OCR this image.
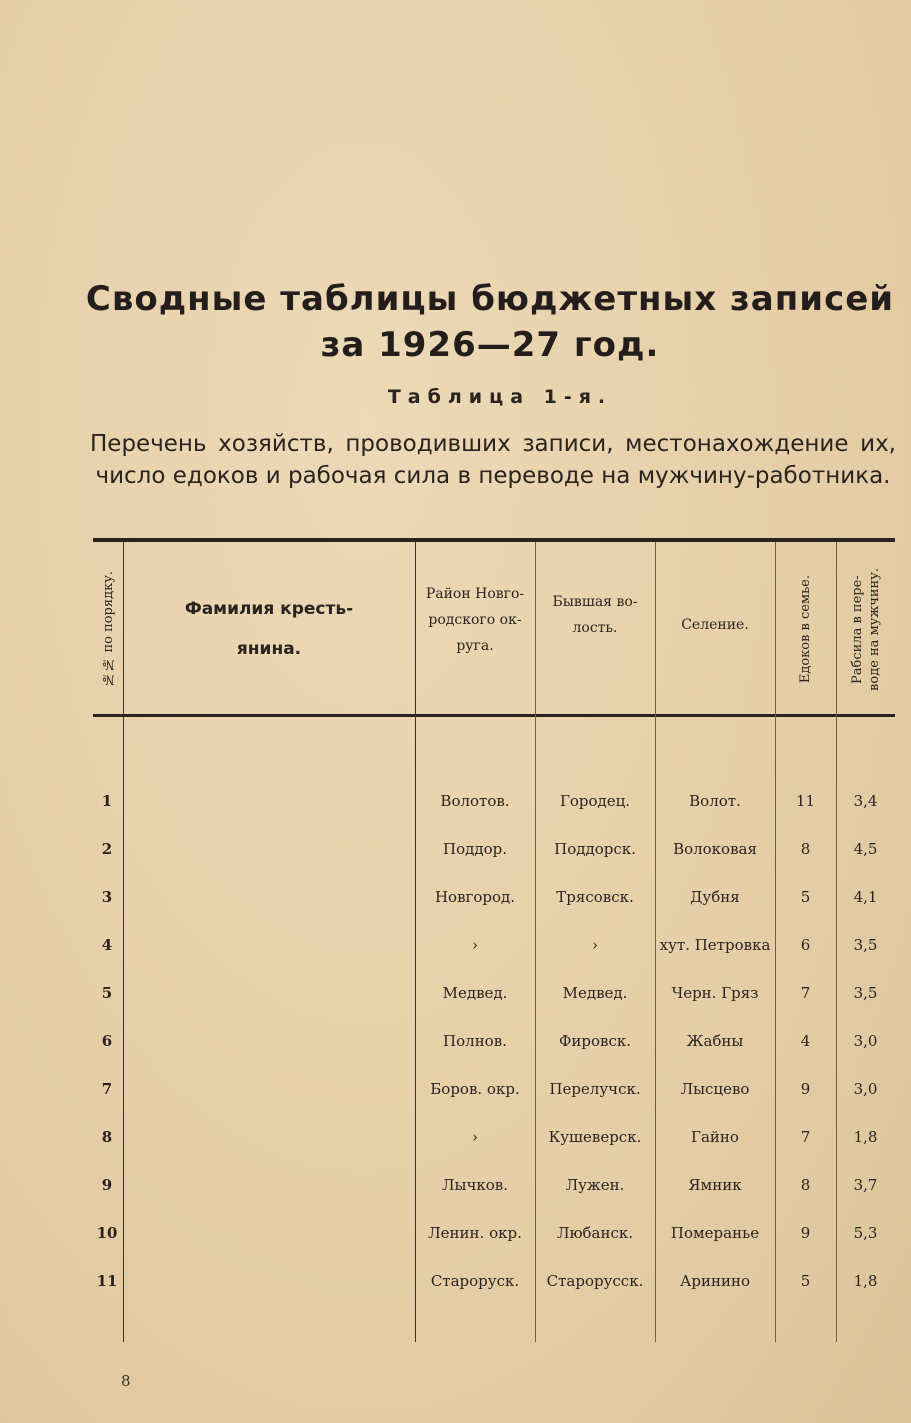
Сводные таблицы бюджетных записей
за 1926—27 год.
Таблица 1-я.
Перечень хозяйств, проводивших записи, местонахождение их, число едоков и рабочая сила в переводе на мужчину-работника.
№№ по порядку.	Фамилия кресть-
янина.
Район Новго-
родского ок-
руга.
Бывшая во-
лость.	Селение.	Едоков в семье.	Рабсила в пере- воде на мужчину.
1	Волотов.	Городец.	Волот.	11	3,4
2	Поддор.	Поддорск.	Волоковая	8	4,5
3	Новгород.	Трясовск.	Дубня	5	4,1
4	›	›	хут. Петровка	6	3,5
5	Медвед.	Медвед.	Черн. Гряз	7	3,5
6	Полнов.	Фировск.	Жабны	4	3,0
7	Боров. окр.	Перелучск.	Лысцево	9	3,0
8	›	Кушеверск.	Гайно	7	1,8
9	Лычков.	Лужен.	Ямник	8	3,7
10	Ленин. окр.	Любанск.	Померанье	9	5,3
11	Староруск.	Старорусск.	Аринино	5	1,8
8
